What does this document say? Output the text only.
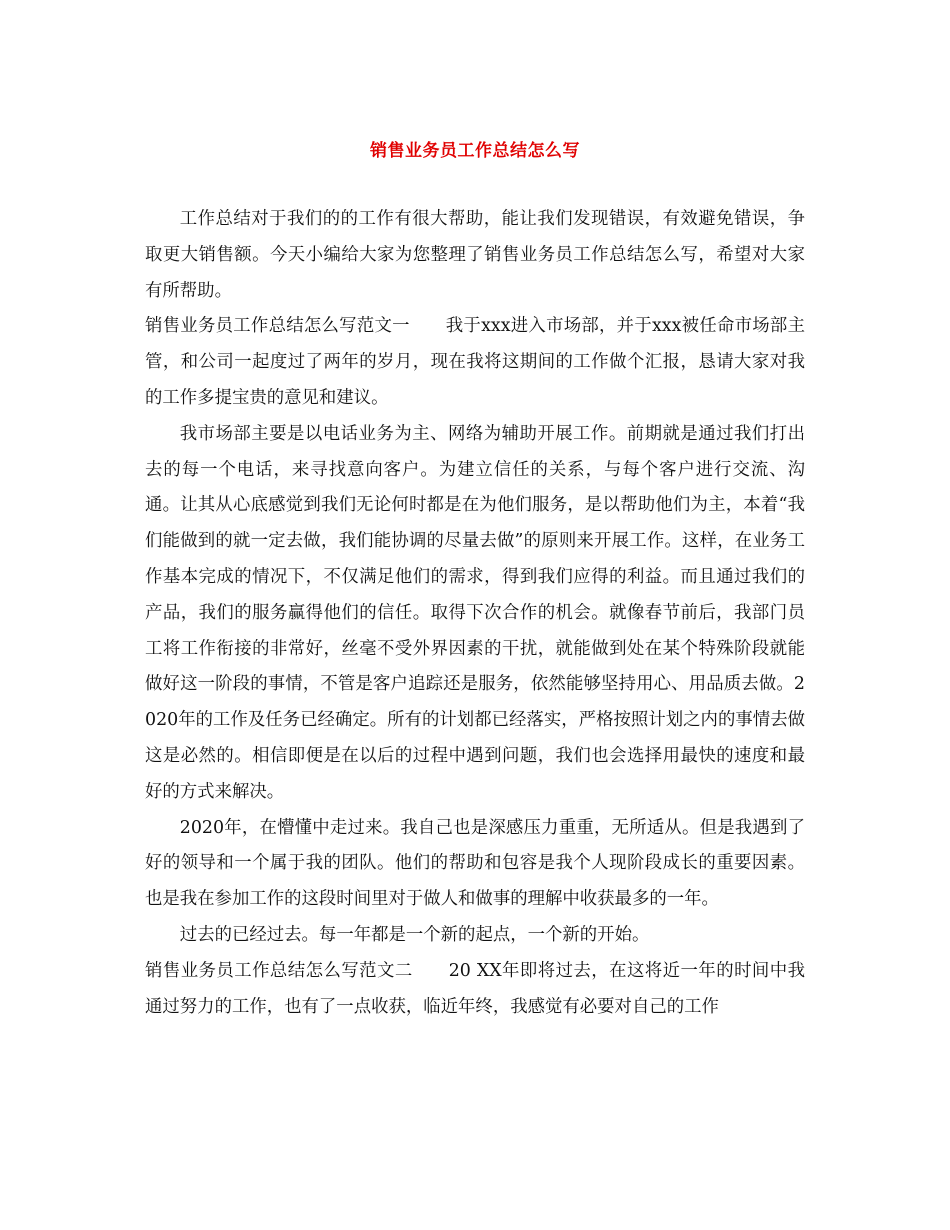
销售业务员工作总结怎么写

工作总结对于我们的的工作有很大帮助，能让我们发现错误，有效避免错误，争取更大销售额。今天小编给大家为您整理了销售业务员工作总结怎么写，希望对大家有所帮助。

销售业务员工作总结怎么写范文一 我于xxx进入市场部，并于xxx被任命市场部主管，和公司一起度过了两年的岁月，现在我将这期间的工作做个汇报，恳请大家对我的工作多提宝贵的意见和建议。

我市场部主要是以电话业务为主、网络为辅助开展工作。前期就是通过我们打出去的每一个电话，来寻找意向客户。为建立信任的关系，与每个客户进行交流、沟通。让其从心底感觉到我们无论何时都是在为他们服务，是以帮助他们为主，本着“我们能做到的就一定去做，我们能协调的尽量去做”的原则来开展工作。这样，在业务工作基本完成的情况下，不仅满足他们的需求，得到我们应得的利益。而且通过我们的产品，我们的服务赢得他们的信任。取得下次合作的机会。就像春节前后，我部门员工将工作衔接的非常好，丝毫不受外界因素的干扰，就能做到处在某个特殊阶段就能做好这一阶段的事情，不管是客户追踪还是服务，依然能够坚持用心、用品质去做。2020年的工作及任务已经确定。所有的计划都已经落实，严格按照计划之内的事情去做这是必然的。相信即便是在以后的过程中遇到问题，我们也会选择用最快的速度和最好的方式来解决。

2020年，在懵懂中走过来。我自己也是深感压力重重，无所适从。但是我遇到了好的领导和一个属于我的团队。他们的帮助和包容是我个人现阶段成长的重要因素。也是我在参加工作的这段时间里对于做人和做事的理解中收获最多的一年。

过去的已经过去。每一年都是一个新的起点，一个新的开始。

销售业务员工作总结怎么写范文二 20 XX年即将过去，在这将近一年的时间中我通过努力的工作，也有了一点收获，临近年终，我感觉有必要对自己的工作
